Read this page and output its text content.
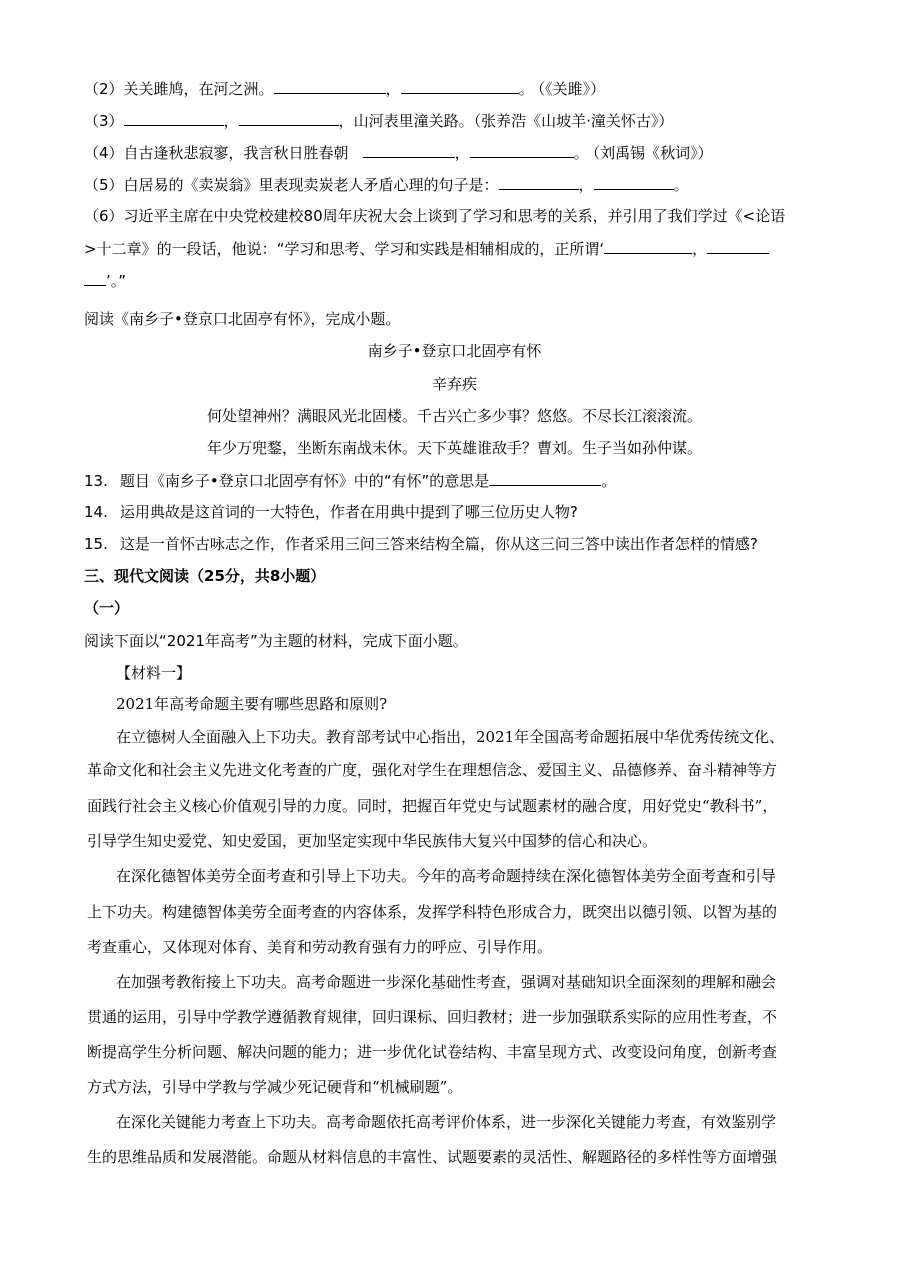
（2）关关雎鸠，在河之洲。	，	。 （《关雎》）
（3）	，	，山河表里潼关路。（张养浩《山坡羊·潼关怀古》）
（4）自古逢秋悲寂寥，我言秋日胜春朝	，	。 （刘禹锡《秋词》）
（5）白居易的《卖炭翁》里表现卖炭老人矛盾心理的句子是：	，	。
（6）习近平主席在中央党校建校80周年庆祝大会上谈到了学习和思考的关系，并引用了我们学过《<论语
>十二章》的一段话，他说：“学习和思考、学习和实践是相辅相成的，正所谓‘	，
’。”
阅读《南乡子•登京口北固亭有怀》，完成小题。
南乡子•登京口北固亭有怀
辛弃疾
何处望神州？满眼风光北固楼。千古兴亡多少事？悠悠。不尽长江滚滚流。
年少万兜鍪，坐断东南战未休。天下英雄谁敌手？曹刘。生子当如孙仲谋。
13. 题目《南乡子•登京口北固亭有怀》中的“有怀”的意思是	。
14. 运用典故是这首词的一大特色，作者在用典中提到了哪三位历史人物?
15. 这是一首怀古咏志之作，作者采用三问三答来结构全篇，你从这三问三答中读出作者怎样的情感?
三、现代文阅读（25分，共8小题）
（一）
阅读下面以“2021年高考”为主题的材料，完成下面小题。
【材料一】
2021年高考命题主要有哪些思路和原则?
在立德树人全面融入上下功夫。教育部考试中心指出，2021年全国高考命题拓展中华优秀传统文化、
革命文化和社会主义先进文化考查的广度，强化对学生在理想信念、爱国主义、品德修养、奋斗精神等方
面践行社会主义核心价值观引导的力度。同时，把握百年党史与试题素材的融合度，用好党史“教科书”，
引导学生知史爱党、知史爱国，更加坚定实现中华民族伟大复兴中国梦的信心和决心。
在深化德智体美劳全面考查和引导上下功夫。今年的高考命题持续在深化德智体美劳全面考查和引导
上下功夫。构建德智体美劳全面考查的内容体系，发挥学科特色形成合力，既突出以德引领、以智为基的
考查重心，又体现对体育、美育和劳动教育强有力的呼应、引导作用。
在加强考教衔接上下功夫。高考命题进一步深化基础性考查，强调对基础知识全面深刻的理解和融会
贯通的运用，引导中学教学遵循教育规律，回归课标、回归教材；进一步加强联系实际的应用性考查，不
断提高学生分析问题、解决问题的能力；进一步优化试卷结构、丰富呈现方式、改变设问角度，创新考查
方式方法，引导中学教与学减少死记硬背和“机械刷题”。
在深化关键能力考查上下功夫。高考命题依托高考评价体系，进一步深化关键能力考查，有效鉴别学
生的思维品质和发展潜能。命题从材料信息的丰富性、试题要素的灵活性、解题路径的多样性等方面增强
